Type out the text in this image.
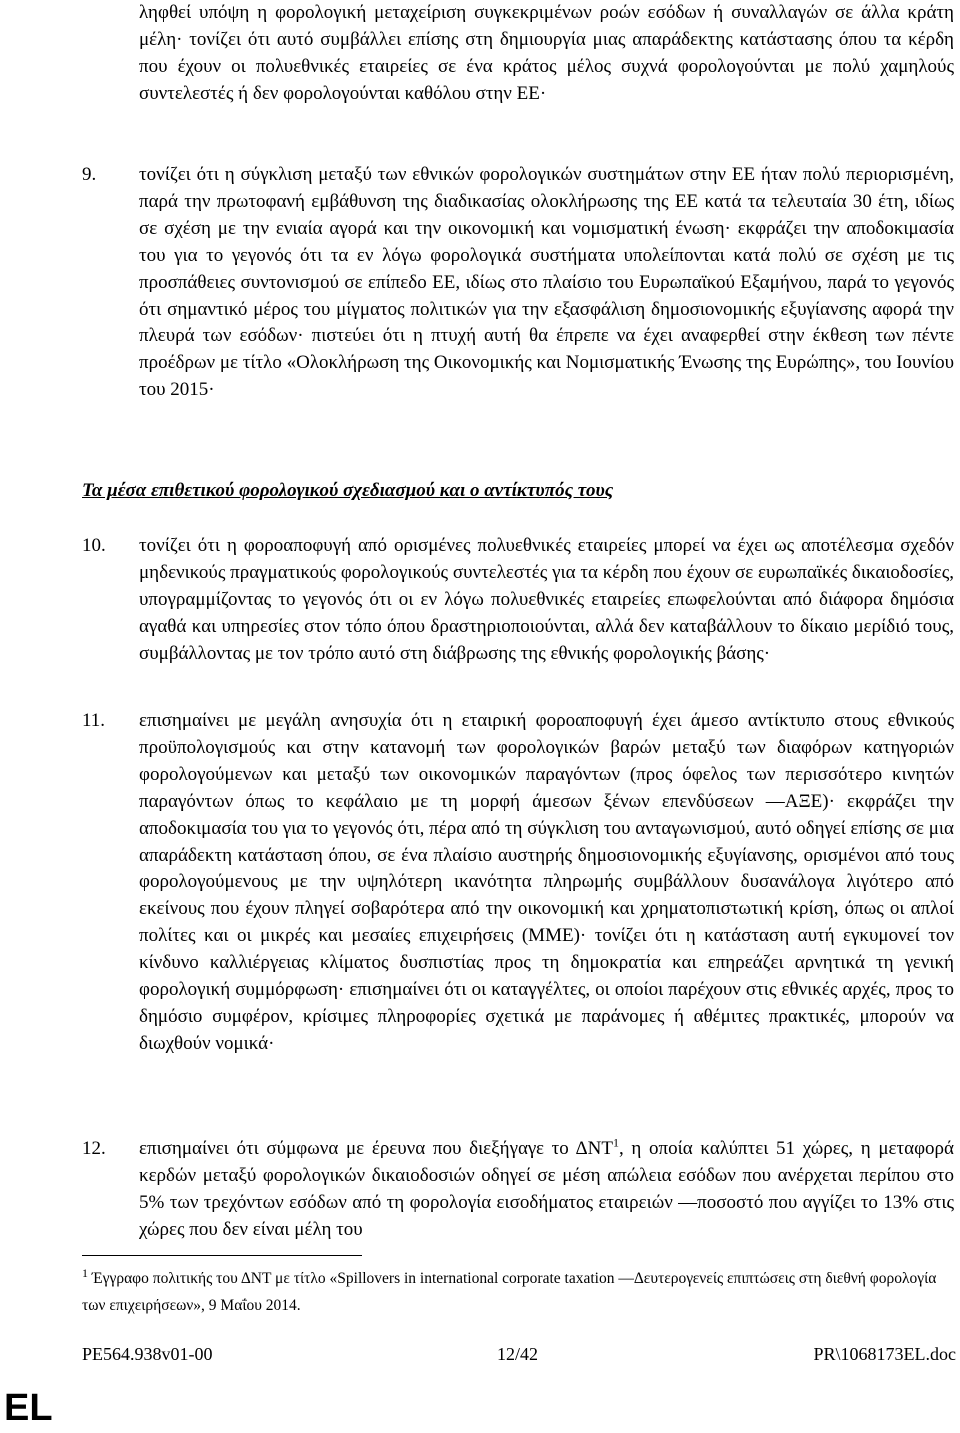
ληφθεί υπόψη η φορολογική μεταχείριση συγκεκριμένων ροών εσόδων ή συναλλαγών σε άλλα κράτη μέλη· τονίζει ότι αυτό συμβάλλει επίσης στη δημιουργία μιας απαράδεκτης κατάστασης όπου τα κέρδη που έχουν οι πολυεθνικές εταιρείες σε ένα κράτος μέλος συχνά φορολογούνται με πολύ χαμηλούς συντελεστές ή δεν φορολογούνται καθόλου στην ΕΕ·
9. τονίζει ότι η σύγκλιση μεταξύ των εθνικών φορολογικών συστημάτων στην ΕΕ ήταν πολύ περιορισμένη, παρά την πρωτοφανή εμβάθυνση της διαδικασίας ολοκλήρωσης της ΕΕ κατά τα τελευταία 30 έτη, ιδίως σε σχέση με την ενιαία αγορά και την οικονομική και νομισματική ένωση· εκφράζει την αποδοκιμασία του για το γεγονός ότι τα εν λόγω φορολογικά συστήματα υπολείπονται κατά πολύ σε σχέση με τις προσπάθειες συντονισμού σε επίπεδο ΕΕ, ιδίως στο πλαίσιο του Ευρωπαϊκού Εξαμήνου, παρά το γεγονός ότι σημαντικό μέρος του μίγματος πολιτικών για την εξασφάλιση δημοσιονομικής εξυγίανσης αφορά την πλευρά των εσόδων· πιστεύει ότι η πτυχή αυτή θα έπρεπε να έχει αναφερθεί στην έκθεση των πέντε προέδρων με τίτλο «Ολοκλήρωση της Οικονομικής και Νομισματικής Ένωσης της Ευρώπης», του Ιουνίου του 2015·
Τα μέσα επιθετικού φορολογικού σχεδιασμού και ο αντίκτυπός τους
10. τονίζει ότι η φοροαποφυγή από ορισμένες πολυεθνικές εταιρείες μπορεί να έχει ως αποτέλεσμα σχεδόν μηδενικούς πραγματικούς φορολογικούς συντελεστές για τα κέρδη που έχουν σε ευρωπαϊκές δικαιοδοσίες, υπογραμμίζοντας το γεγονός ότι οι εν λόγω πολυεθνικές εταιρείες επωφελούνται από διάφορα δημόσια αγαθά και υπηρεσίες στον τόπο όπου δραστηριοποιούνται, αλλά δεν καταβάλλουν το δίκαιο μερίδιό τους, συμβάλλοντας με τον τρόπο αυτό στη διάβρωσης της εθνικής φορολογικής βάσης·
11. επισημαίνει με μεγάλη ανησυχία ότι η εταιρική φοροαποφυγή έχει άμεσο αντίκτυπο στους εθνικούς προϋπολογισμούς και στην κατανομή των φορολογικών βαρών μεταξύ των διαφόρων κατηγοριών φορολογούμενων και μεταξύ των οικονομικών παραγόντων (προς όφελος των περισσότερο κινητών παραγόντων όπως το κεφάλαιο με τη μορφή άμεσων ξένων επενδύσεων ―ΑΞΕ)· εκφράζει την αποδοκιμασία του για το γεγονός ότι, πέρα από τη σύγκλιση του ανταγωνισμού, αυτό οδηγεί επίσης σε μια απαράδεκτη κατάσταση όπου, σε ένα πλαίσιο αυστηρής δημοσιονομικής εξυγίανσης, ορισμένοι από τους φορολογούμενους με την υψηλότερη ικανότητα πληρωμής συμβάλλουν δυσανάλογα λιγότερο από εκείνους που έχουν πληγεί σοβαρότερα από την οικονομική και χρηματοπιστωτική κρίση, όπως οι απλοί πολίτες και οι μικρές και μεσαίες επιχειρήσεις (ΜΜΕ)· τονίζει ότι η κατάσταση αυτή εγκυμονεί τον κίνδυνο καλλιέργειας κλίματος δυσπιστίας προς τη δημοκρατία και επηρεάζει αρνητικά τη γενική φορολογική συμμόρφωση· επισημαίνει ότι οι καταγγέλτες, οι οποίοι παρέχουν στις εθνικές αρχές, προς το δημόσιο συμφέρον, κρίσιμες πληροφορίες σχετικά με παράνομες ή αθέμιτες πρακτικές, μπορούν να διωχθούν νομικά·
12. επισημαίνει ότι σύμφωνα με έρευνα που διεξήγαγε το ΔΝΤ$^1$, η οποία καλύπτει 51 χώρες, η μεταφορά κερδών μεταξύ φορολογικών δικαιοδοσιών οδηγεί σε μέση απώλεια εσόδων που ανέρχεται περίπου στο 5% των τρεχόντων εσόδων από τη φορολογία εισοδήματος εταιρειών ―ποσοστό που αγγίζει το 13% στις χώρες που δεν είναι μέλη του
$^1$ Έγγραφο πολιτικής του ΔΝΤ με τίτλο «Spillovers in international corporate taxation ―Δευτερογενείς επιπτώσεις στη διεθνή φορολογία των επιχειρήσεων», 9 Μαΐου 2014.
PE564.938v01-00	12/42	PR\1068173EL.doc
EL
